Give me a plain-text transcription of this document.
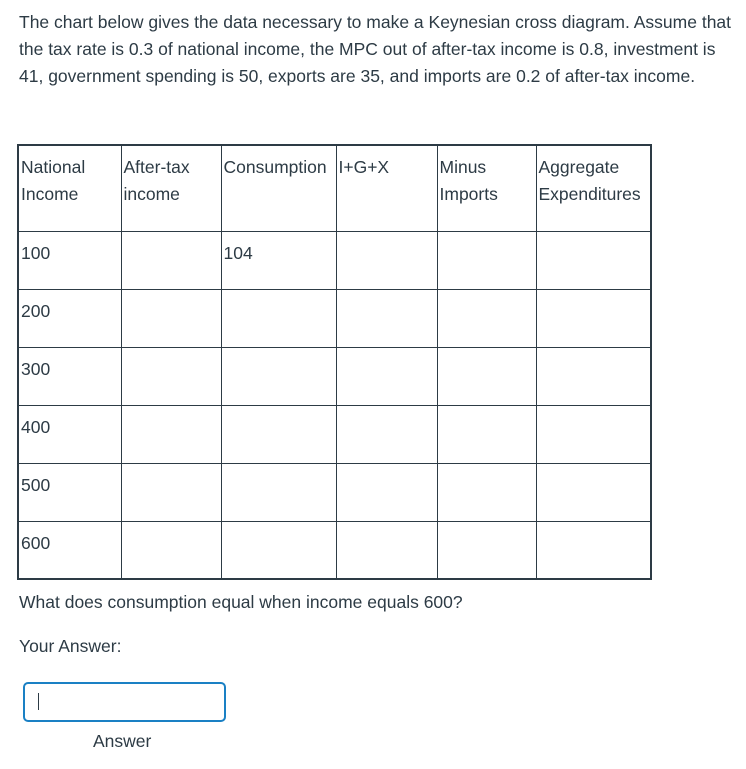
The chart below gives the data necessary to make a Keynesian cross diagram. Assume that the tax rate is 0.3 of national income, the MPC out of after-tax income is 0.8, investment is 41, government spending is 50, exports are 35, and imports are 0.2 of after-tax income.

National Income	After-tax income	Consumption	I+G+X	Minus Imports	Aggregate Expenditures
100		104			
200					
300					
400					
500					
600					

What does consumption equal when income equals 600?

Your Answer:

Answer
